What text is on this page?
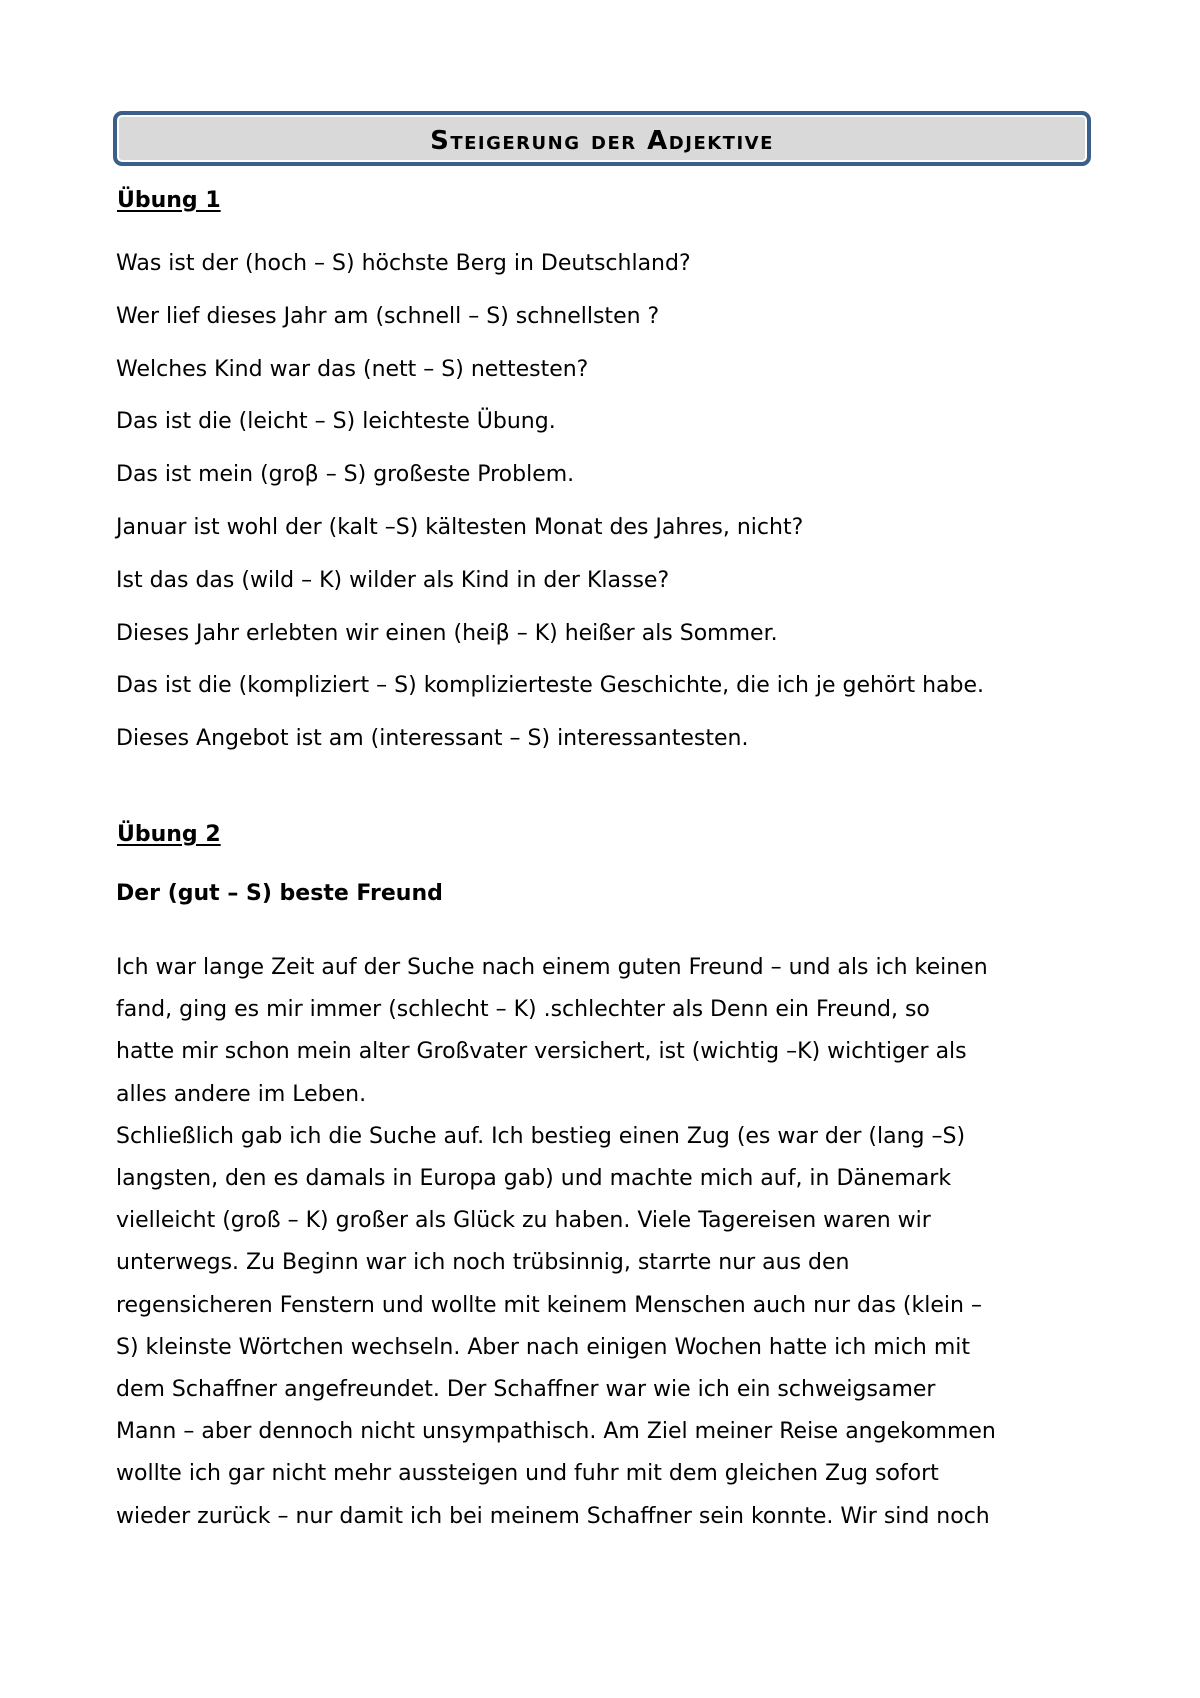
Steigerung der Adjektive
Übung 1
Was ist der (hoch – S) höchste Berg in Deutschland?
Wer lief dieses Jahr am (schnell – S) schnellsten ?
Welches Kind war das (nett – S) nettesten?
Das ist die (leicht – S) leichteste Übung.
Das ist mein (groβ – S) großeste Problem.
Januar ist wohl der (kalt –S) kältesten Monat des Jahres, nicht?
Ist das das (wild – K) wilder als Kind in der Klasse?
Dieses Jahr erlebten wir einen (heiβ – K) heißer als Sommer.
Das ist die (kompliziert – S) komplizierteste Geschichte, die ich je gehört habe.
Dieses Angebot ist am (interessant – S) interessantesten.
Übung 2
Der (gut – S) beste Freund
Ich war lange Zeit auf der Suche nach einem guten Freund – und als ich keinen
fand, ging es mir immer (schlecht – K) .schlechter als Denn ein Freund, so
hatte mir schon mein alter Großvater versichert, ist (wichtig –K) wichtiger als
alles andere im Leben.
Schließlich gab ich die Suche auf. Ich bestieg einen Zug (es war der (lang –S)
langsten, den es damals in Europa gab) und machte mich auf, in Dänemark
vielleicht (groß – K) großer als Glück zu haben. Viele Tagereisen waren wir
unterwegs. Zu Beginn war ich noch trübsinnig, starrte nur aus den
regensicheren Fenstern und wollte mit keinem Menschen auch nur das (klein –
S) kleinste Wörtchen wechseln. Aber nach einigen Wochen hatte ich mich mit
dem Schaffner angefreundet. Der Schaffner war wie ich ein schweigsamer
Mann – aber dennoch nicht unsympathisch. Am Ziel meiner Reise angekommen
wollte ich gar nicht mehr aussteigen und fuhr mit dem gleichen Zug sofort
wieder zurück – nur damit ich bei meinem Schaffner sein konnte. Wir sind noch
